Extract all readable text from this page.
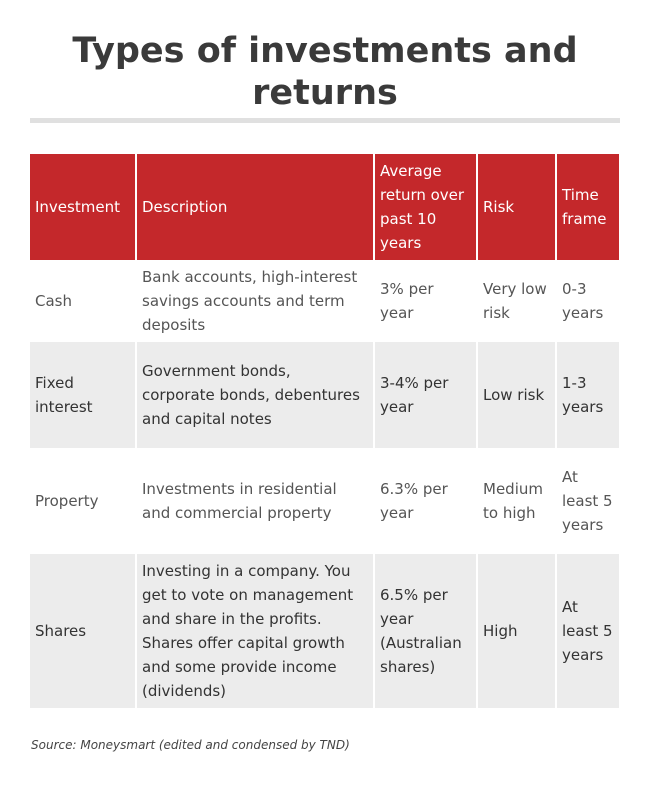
Types of investments and returns
Investment	Description	Average return over past 10 years	Risk	Time frame
Cash	Bank accounts, high-interest savings accounts and term deposits	3% per year	Very low risk	0-3 years
Fixed interest	Government bonds, corporate bonds, debentures and capital notes	3-4% per year	Low risk	1-3 years
Property	Investments in residential and commercial property	6.3% per year	Medium to high	At least 5 years
Shares	Investing in a company. You get to vote on management and share in the profits. Shares offer capital growth and some provide income (dividends)	6.5% per year (Australian shares)	High	At least 5 years
Source: Moneysmart (edited and condensed by TND)
